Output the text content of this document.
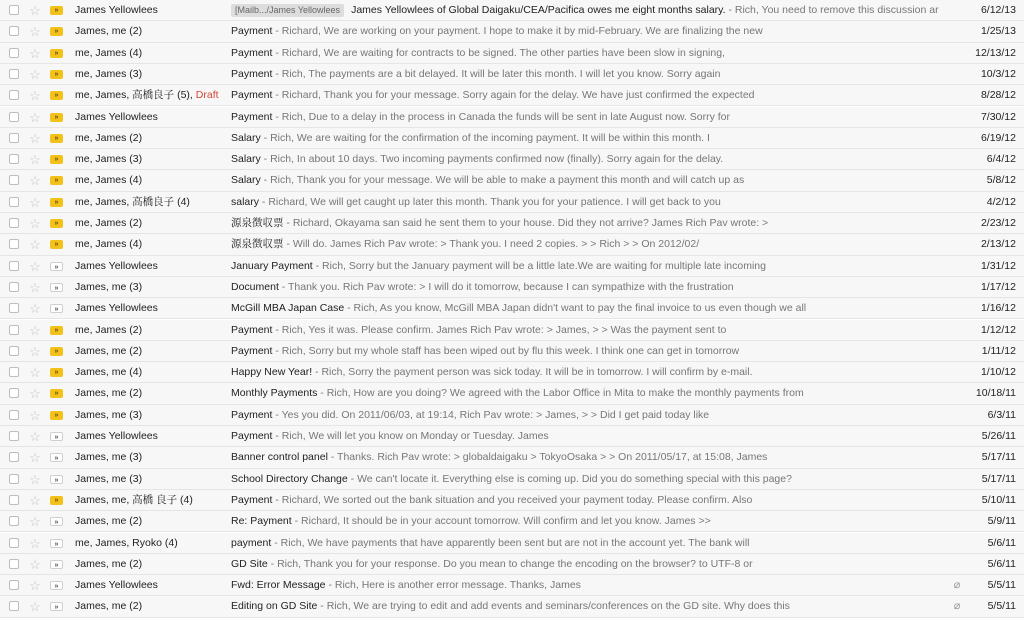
☆	»	James Yellowlees	[Mailb.../James Yellowlees James Yellowlees of Global Daigaku/CEA/Pacifica owes me eight months salary. - Rich, You need to remove this discussion ar	6/12/13
☆	»	James, me (2)	Payment - Richard, We are working on your payment. I hope to make it by mid-February. We are finalizing the new	1/25/13
☆	»	me, James (4)	Payment - Richard, We are waiting for contracts to be signed. The other parties have been slow in signing,	12/13/12
☆	»	me, James (3)	Payment - Rich, The payments are a bit delayed. It will be later this month. I will let you know. Sorry again	10/3/12
☆	»	me, James, 高橋良子 (5), Draft	Payment - Richard, Thank you for your message. Sorry again for the delay. We have just confirmed the expected	8/28/12
☆	»	James Yellowlees	Payment - Rich, Due to a delay in the process in Canada the funds will be sent in late August now. Sorry for	7/30/12
☆	»	me, James (2)	Salary - Rich, We are waiting for the confirmation of the incoming payment. It will be within this month. I	6/19/12
☆	»	me, James (3)	Salary - Rich, In about 10 days. Two incoming payments confirmed now (finally). Sorry again for the delay.	6/4/12
☆	»	me, James (4)	Salary - Rich, Thank you for your message. We will be able to make a payment this month and will catch up as	5/8/12
☆	»	me, James, 高橋良子 (4)	salary - Richard, We will get caught up later this month. Thank you for your patience. I will get back to you	4/2/12
☆	»	me, James (2)	源泉徴収票 - Richard, Okayama san said he sent them to your house. Did they not arrive? James Rich Pav wrote: >	2/23/12
☆	»	me, James (4)	源泉徴収票 - Will do. James Rich Pav wrote: > Thank you. I need 2 copies. > > Rich > > On 2012/02/	2/13/12
☆	»	James Yellowlees	January Payment - Rich, Sorry but the January payment will be a little late.We are waiting for multiple late incoming	1/31/12
☆	»	James, me (3)	Document - Thank you. Rich Pav wrote: > I will do it tomorrow, because I can sympathize with the frustration	1/17/12
☆	»	James Yellowlees	McGill MBA Japan Case - Rich, As you know, McGill MBA Japan didn't want to pay the final invoice to us even though we all	1/16/12
☆	»	me, James (2)	Payment - Rich, Yes it was. Please confirm. James Rich Pav wrote: > James, > > Was the payment sent to	1/12/12
☆	»	James, me (2)	Payment - Rich, Sorry but my whole staff has been wiped out by flu this week. I think one can get in tomorrow	1/11/12
☆	»	James, me (4)	Happy New Year! - Rich, Sorry the payment person was sick today. It will be in tomorrow. I will confirm by e-mail.	1/10/12
☆	»	James, me (2)	Monthly Payments - Rich, How are you doing? We agreed with the Labor Office in Mita to make the monthly payments from	10/18/11
☆	»	James, me (3)	Payment - Yes you did. On 2011/06/03, at 19:14, Rich Pav wrote: > James, > > Did I get paid today like	6/3/11
☆	»	James Yellowlees	Payment - Rich, We will let you know on Monday or Tuesday. James	5/26/11
☆	»	James, me (3)	Banner control panel - Thanks. Rich Pav wrote: > globaldaigaku > TokyoOsaka > > On 2011/05/17, at 15:08, James	5/17/11
☆	»	James, me (3)	School Directory Change - We can't locate it. Everything else is coming up. Did you do something special with this page?	5/17/11
☆	»	James, me, 高橋 良子 (4)	Payment - Richard, We sorted out the bank situation and you received your payment today. Please confirm. Also	5/10/11
☆	»	James, me (2)	Re: Payment - Richard, It should be in your account tomorrow. Will confirm and let you know. James >>	5/9/11
☆	»	me, James, Ryoko (4)	payment - Rich, We have payments that have apparently been sent but are not in the account yet. The bank will	5/6/11
☆	»	James, me (2)	GD Site - Rich, Thank you for your response. Do you mean to change the encoding on the browser? to UTF-8 or	5/6/11
☆	»	James Yellowlees	Fwd: Error Message - Rich, Here is another error message. Thanks, James	⌀	5/5/11
☆	»	James, me (2)	Editing on GD Site - Rich, We are trying to edit and add events and seminars/conferences on the GD site. Why does this	⌀	5/5/11
